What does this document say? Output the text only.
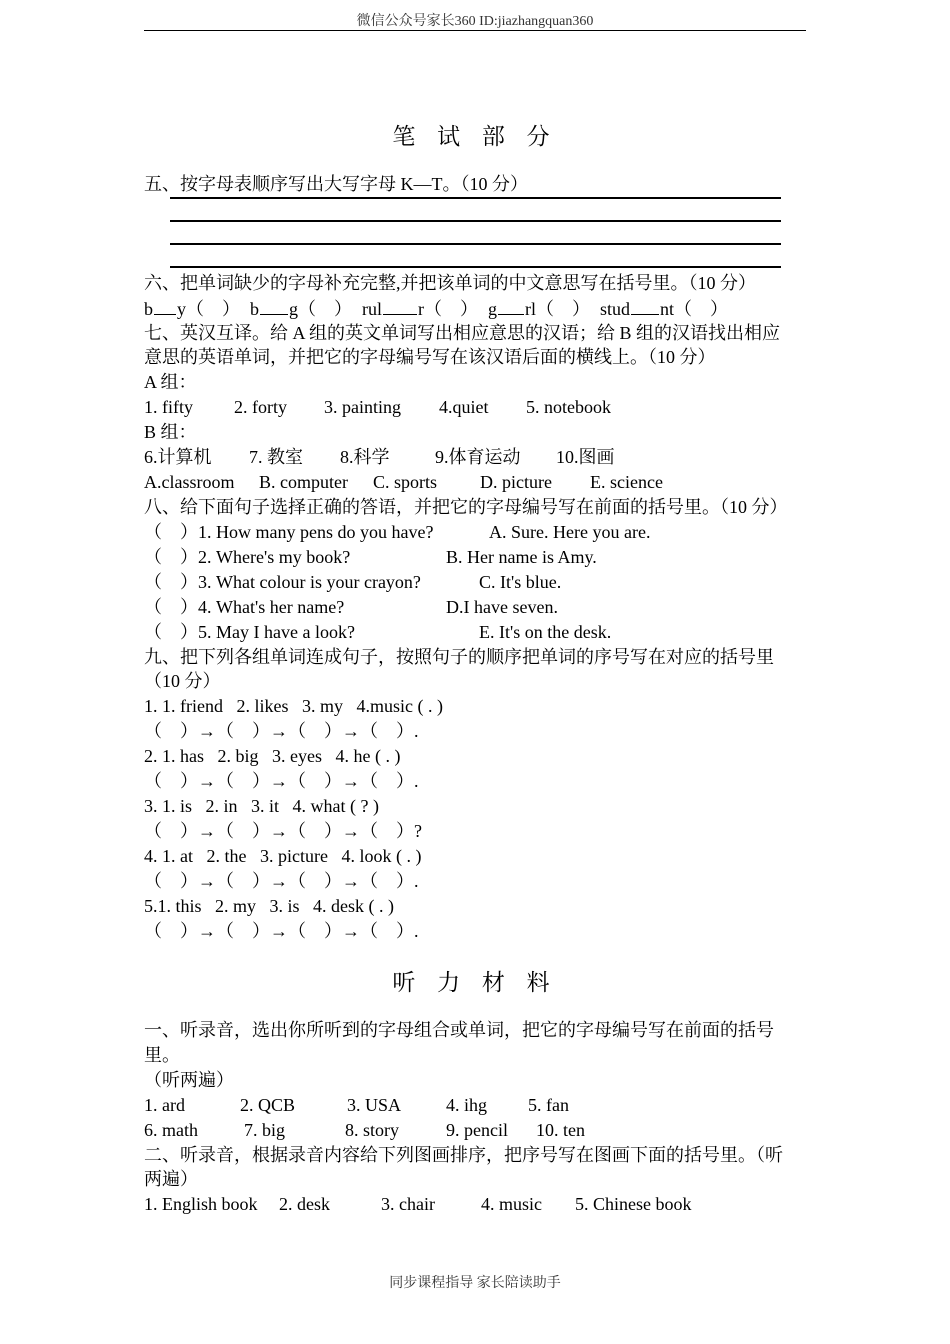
微信公众号家长360 ID:jiazhangquan360
笔 试 部 分
五、按字母表顺序写出大写字母 K—T。（10 分）
六、把单词缺少的字母补充完整,并把该单词的中文意思写在括号里。（10 分）
b y（　） b g（　） rul r（　） g rl（　） stud nt（　）
七、英汉互译。给 A 组的英文单词写出相应意思的汉语；给 B 组的汉语找出相应
意思的英语单词，并把它的字母编号写在该汉语后面的横线上。（10 分）
A 组：
1. fifty 2. forty 3. painting 4.quiet 5. notebook
B 组：
6.计算机 7. 教室 8.科学	9.体育运动 10.图画
A.classroom B. computer C. sports D. picture E. science
八、给下面句子选择正确的答语，并把它的字母编号写在前面的括号里。（10 分）
（　）1. How many pens do you have?	A. Sure. Here you are.
（　）2. Where's my book?	B. Her name is Amy.
（　）3. What colour is your crayon?	C. It's blue.
（　）4. What's her name?	D.I have seven.
（　）5. May I have a look?	E. It's on the desk.
九、把下列各组单词连成句子，按照句子的顺序把单词的序号写在对应的括号里
（10 分）
1. 1. friend   2. likes   3. my   4.music ( . )
（　）→（　）→（　）→（　）.
2. 1. has   2. big   3. eyes   4. he ( . )
（　）→（　）→（　）→（　）.
3. 1. is   2. in   3. it   4. what ( ? )
（　）→（　）→（　）→（　）?
4. 1. at   2. the   3. picture   4. look ( . )
（　）→（　）→（　）→（　）.
5.1. this   2. my   3. is   4. desk ( . )
（　）→（　）→（　）→（　）.
听 力 材 料
一、听录音，选出你所听到的字母组合或单词，把它的字母编号写在前面的括号
里。
（听两遍）
1. ard	2. QCB	3. USA 4. ihg 5. fan
6. math	7. big	8. story	9. pencil 10. ten
二、听录音，根据录音内容给下列图画排序，把序号写在图画下面的括号里。（听
两遍）
1. English book 2. desk	3. chair	4. music 5. Chinese book
同步课程指导 家长陪读助手
